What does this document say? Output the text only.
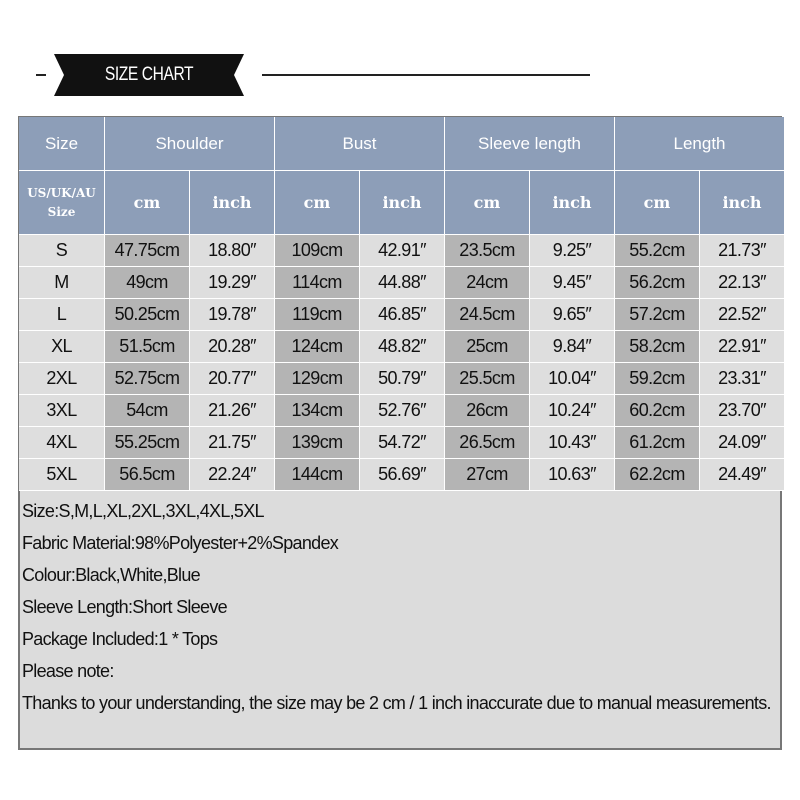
SIZE CHART
Size	Shoulder		Bust		Sleeve length		Length	

US/UK/AU
Size	cm	inch	cm	inch	cm	inch	cm	inch
S	47.75cm	18.80″	109cm	42.91″	23.5cm	9.25″	55.2cm	21.73″
M	49cm	19.29″	114cm	44.88″	24cm	9.45″	56.2cm	22.13″
L	50.25cm	19.78″	119cm	46.85″	24.5cm	9.65″	57.2cm	22.52″
XL	51.5cm	20.28″	124cm	48.82″	25cm	9.84″	58.2cm	22.91″
2XL	52.75cm	20.77″	129cm	50.79″	25.5cm	10.04″	59.2cm	23.31″
3XL	54cm	21.26″	134cm	52.76″	26cm	10.24″	60.2cm	23.70″
4XL	55.25cm	21.75″	139cm	54.72″	26.5cm	10.43″	61.2cm	24.09″
5XL	56.5cm	22.24″	144cm	56.69″	27cm	10.63″	62.2cm	24.49″
Size:S,M,L,XL,2XL,3XL,4XL,5XL
Fabric Material:98%Polyester+2%Spandex
Colour:Black,White,Blue
Sleeve Length:Short Sleeve
Package Included:1 * Tops
Please note:
Thanks to your understanding, the size may be 2 cm / 1 inch inaccurate due to manual measurements.
